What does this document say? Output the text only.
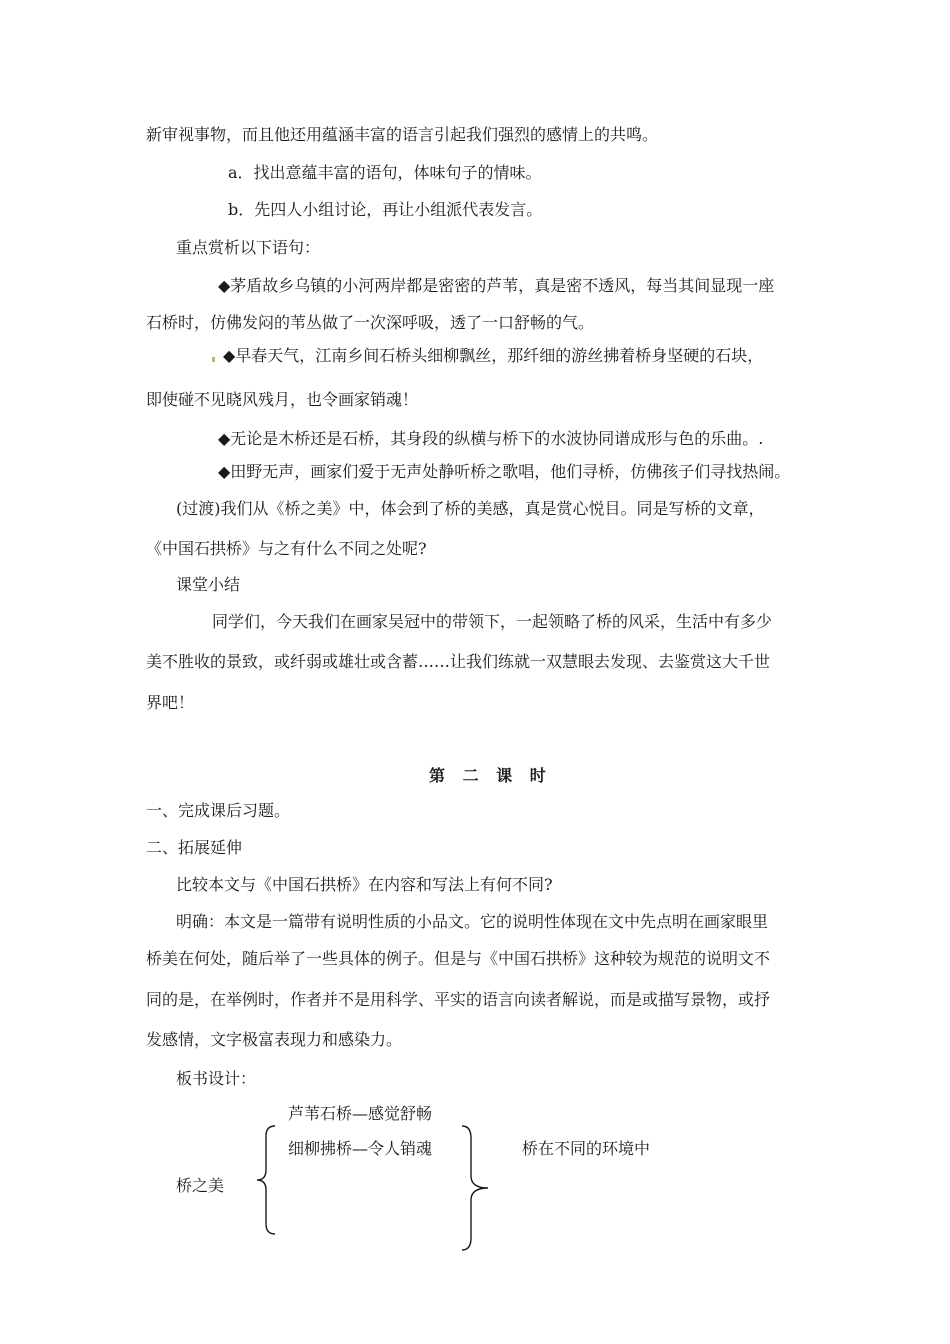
新审视事物，而且他还用蕴涵丰富的语言引起我们强烈的感情上的共鸣。
a．找出意蕴丰富的语句，体味句子的情味。
b．先四人小组讨论，再让小组派代表发言。
重点赏析以下语句：
◆茅盾故乡乌镇的小河两岸都是密密的芦苇，真是密不透风，每当其间显现一座
石桥时，仿佛发闷的苇丛做了一次深呼吸，透了一口舒畅的气。
◆早春天气，江南乡间石桥头细柳飘丝，那纤细的游丝拂着桥身坚硬的石块，
即使碰不见晓风残月，也令画家销魂！
◆无论是木桥还是石桥，其身段的纵横与桥下的水波协同谱成形与色的乐曲。.
◆田野无声，画家们爱于无声处静听桥之歌唱，他们寻桥，仿佛孩子们寻找热闹。
(过渡)我们从《桥之美》中，体会到了桥的美感，真是赏心悦目。同是写桥的文章，
《中国石拱桥》与之有什么不同之处呢?
课堂小结
同学们，今天我们在画家吴冠中的带领下，一起领略了桥的风采，生活中有多少
美不胜收的景致，或纤弱或雄壮或含蓄……让我们练就一双慧眼去发现、去鉴赏这大千世
界吧！
第 二 课 时
一、完成课后习题。
二、拓展延伸
比较本文与《中国石拱桥》在内容和写法上有何不同?
明确：本文是一篇带有说明性质的小品文。它的说明性体现在文中先点明在画家眼里
桥美在何处，随后举了一些具体的例子。但是与《中国石拱桥》这种较为规范的说明文不
同的是，在举例时，作者并不是用科学、平实的语言向读者解说，而是或描写景物，或抒
发感情，文字极富表现力和感染力。
板书设计：
芦苇石桥—感觉舒畅
细柳拂桥—令人销魂	桥在不同的环境中
桥之美
